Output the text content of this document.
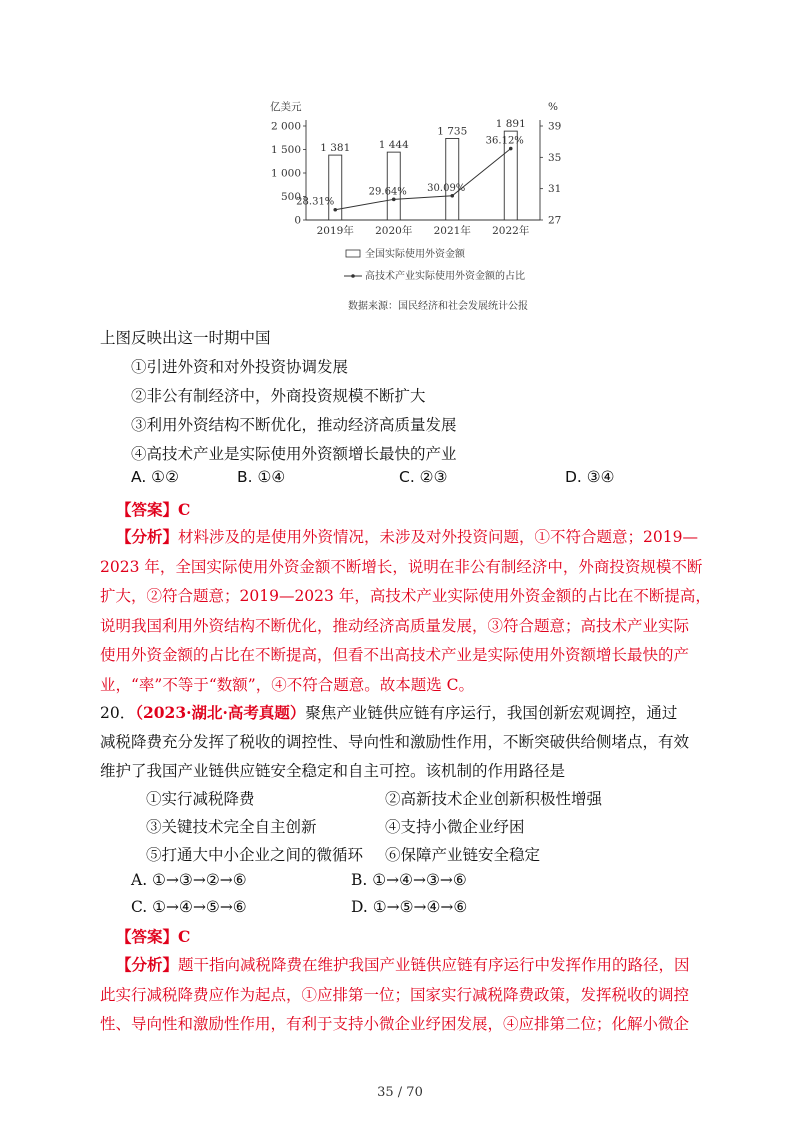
亿美元	%
2 000
1 500
1 000
500
0
39
35
31
27
1 381
2019年
1 444
2020年
1 735
2021年
1 891
2022年
28.31%
29.64% 30.09%
36.12%
全国实际使用外资金额
高技术产业实际使用外资金额的占比
数据来源：国民经济和社会发展统计公报
上图反映出这一时期中国
①引进外资和对外投资协调发展
②非公有制经济中，外商投资规模不断扩大
③利用外资结构不断优化，推动经济高质量发展
④高技术产业是实际使用外资额增长最快的产业
A. ①②	B. ①④	C. ②③	D. ③④
【答案】C
【分析】材料涉及的是使用外资情况，未涉及对外投资问题，①不符合题意；2019—
2023 年，全国实际使用外资金额不断增长，说明在非公有制经济中，外商投资规模不断
扩大，②符合题意；2019—2023 年，高技术产业实际使用外资金额的占比在不断提高，
说明我国利用外资结构不断优化，推动经济高质量发展，③符合题意；高技术产业实际
使用外资金额的占比在不断提高，但看不出高技术产业是实际使用外资额增长最快的产
业，“率”不等于“数额”，④不符合题意。故本题选 C。
20．（2023·湖北·高考真题）聚焦产业链供应链有序运行，我国创新宏观调控，通过
减税降费充分发挥了税收的调控性、导向性和激励性作用，不断突破供给侧堵点，有效
维护了我国产业链供应链安全稳定和自主可控。该机制的作用路径是
①实行减税降费	②高新技术企业创新积极性增强
③关键技术完全自主创新	④支持小微企业纾困
⑤打通大中小企业之间的微循环 ⑥保障产业链安全稳定
A. ①→③→②→⑥	B. ①→④→③→⑥
C. ①→④→⑤→⑥	D. ①→⑤→④→⑥
【答案】C
【分析】题干指向减税降费在维护我国产业链供应链有序运行中发挥作用的路径，因
此实行减税降费应作为起点，①应排第一位；国家实行减税降费政策，发挥税收的调控
性、导向性和激励性作用，有利于支持小微企业纾困发展，④应排第二位；化解小微企
35 / 70
